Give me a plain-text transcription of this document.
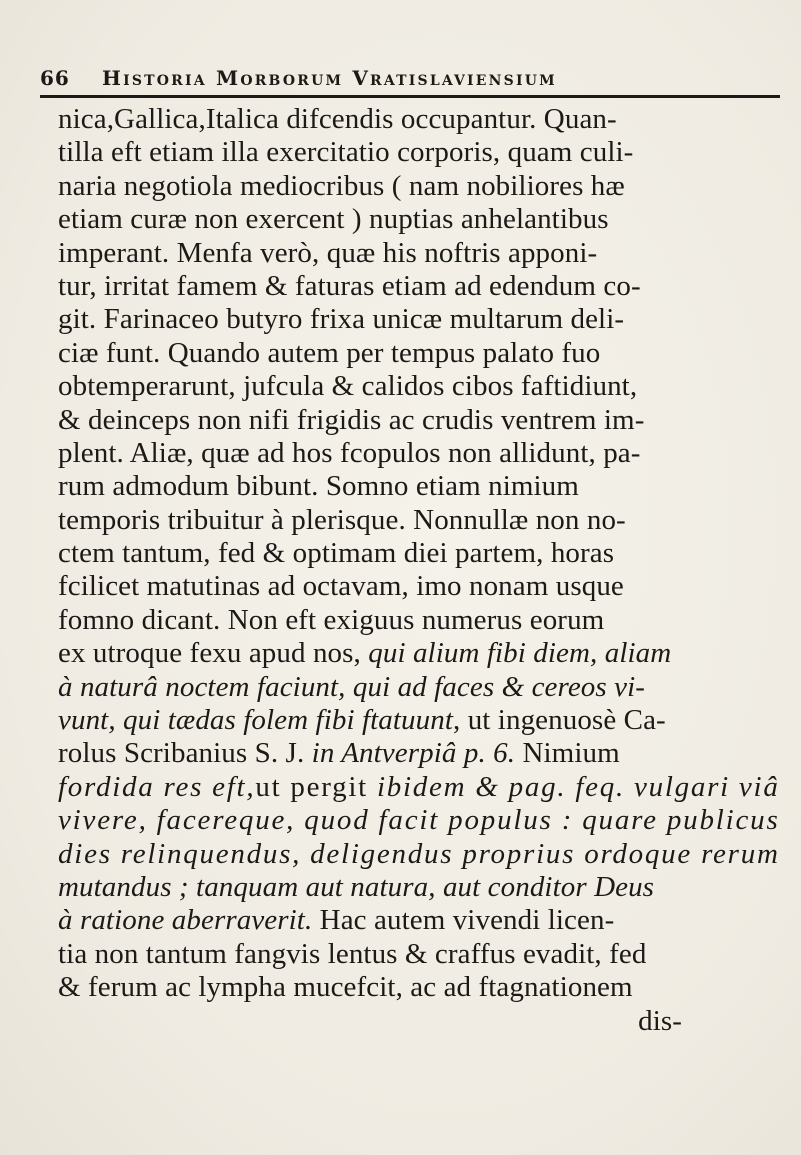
66 Historia Morborum Vratislaviensium
nica,Gallica,Italica difcendis occupantur. Quan-
tilla eft etiam illa exercitatio corporis, quam culi-
naria negotiola mediocribus ( nam nobiliores hæ
etiam curæ non exercent ) nuptias anhelantibus
imperant. Menfa verò, quæ his noftris apponi-
tur, irritat famem & faturas etiam ad edendum co-
git. Farinaceo butyro frixa unicæ multarum deli-
ciæ funt. Quando autem per tempus palato fuo
obtemperarunt, jufcula & calidos cibos faftidiunt,
& deinceps non nifi frigidis ac crudis ventrem im-
plent. Aliæ, quæ ad hos fcopulos non allidunt, pa-
rum admodum bibunt. Somno etiam nimium
temporis tribuitur à plerisque. Nonnullæ non no-
ctem tantum, fed & optimam diei partem, horas
fcilicet matutinas ad octavam, imo nonam usque
fomno dicant. Non eft exiguus numerus eorum
ex utroque fexu apud nos, qui alium fibi diem, aliam
à naturâ noctem faciunt, qui ad faces & cereos vi-
vunt, qui tædas folem fibi ftatuunt, ut ingenuosè Ca-
rolus Scribanius S. J. in Antverpiâ p. 6. Nimium
fordida res eft,ut pergit ibidem & pag. feq. vulgari viâ
vivere, facereque, quod facit populus : quare publicus
dies relinquendus, deligendus proprius ordoque rerum
mutandus ; tanquam aut natura, aut conditor Deus
à ratione aberraverit. Hac autem vivendi licen-
tia non tantum fangvis lentus & craffus evadit, fed
& ferum ac lympha mucefcit, ac ad ftagnationem
dis-
